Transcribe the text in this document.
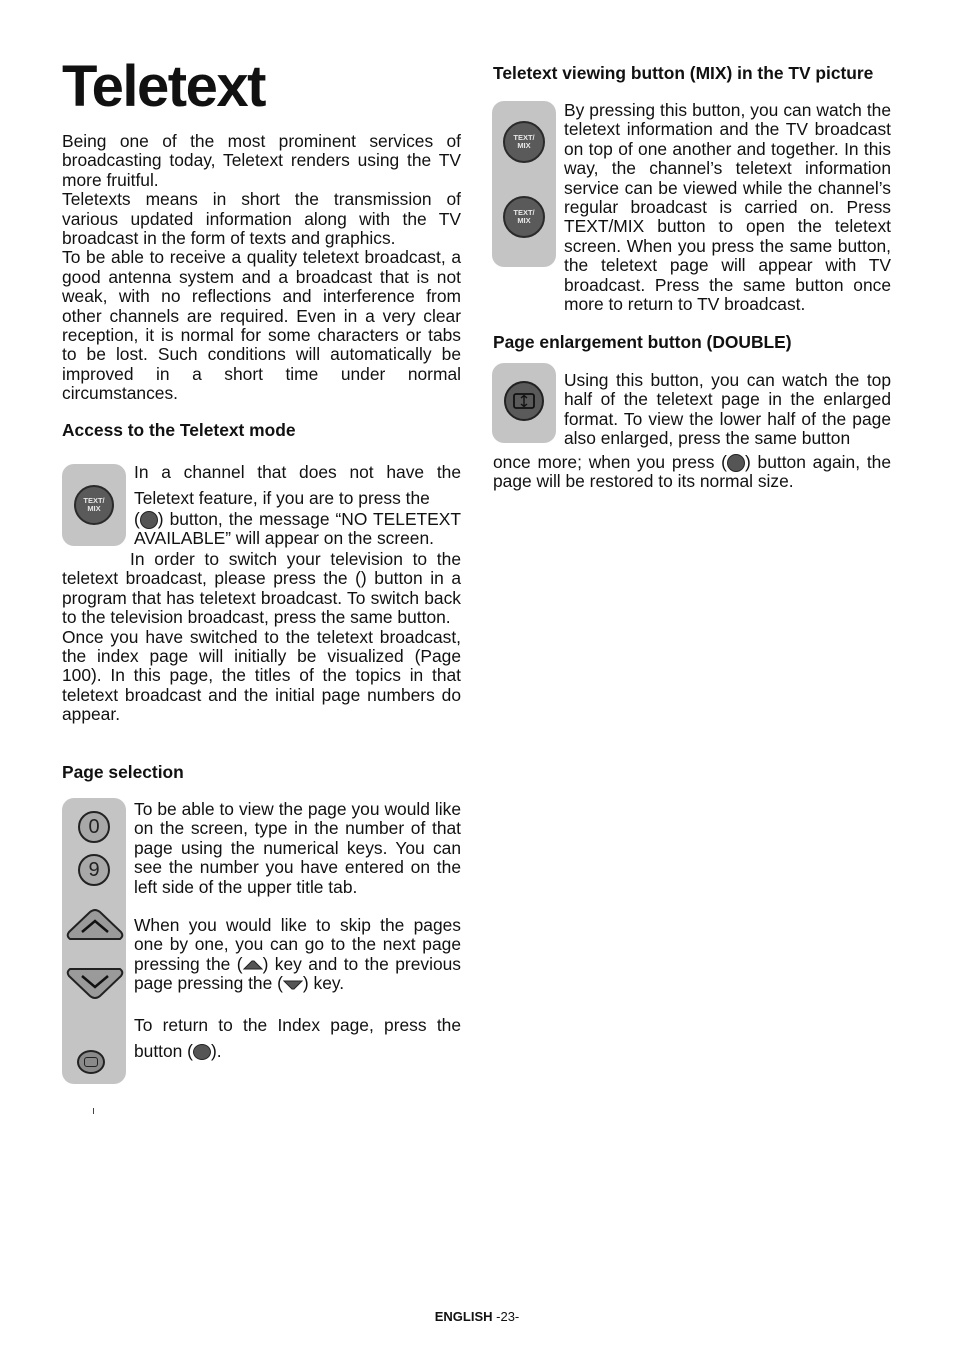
Teletext

Being one of the most prominent services of broadcasting today, Teletext renders using the TV more fruitful.

Teletexts means in short the transmission of various updated information along with the TV broadcast in the form of texts and graphics.

To be able to receive a quality teletext broadcast, a good antenna system and a broadcast that is not weak, with no reflections and interference from other channels are required. Even in a very clear reception, it is normal for some characters or tabs to be lost. Such conditions will automatically be improved in a short time under normal circumstances.

Access to the Teletext mode
TEXT/
MIX

In a channel that does not have the Teletext feature, if you are to press the

( ) button, the message “NO TELETEXT AVAILABLE” will appear on the screen.

In order to switch your television to the teletext broadcast, please press the () button in a program that has teletext broadcast. To switch back to the television broadcast, press the same button.

Once you have switched to the teletext broadcast, the index page will initially be visualized (Page 100). In this page, the titles of the topics in that teletext broadcast and the initial page numbers do appear.

Page selection
0
9

To be able to view the page you would like on the screen, type in the number of that page using the numerical keys. You can see the number you have entered on the left side of the upper title tab.

When you would like to skip the pages one by one, you can go to the next page pressing the ( ) key and to the previous page pressing the ( ) key.

To return to the Index page, press the button ( ).

Teletext viewing button (MIX) in the TV picture
TEXT/
MIX
TEXT/
MIX

By pressing this button, you can watch the teletext information and the TV broadcast on top of one another and together. In this way, the channel’s teletext information service can be viewed while the channel’s regular broadcast is carried on. Press TEXT/MIX button to open the teletext screen. When you press the same button, the teletext page will appear with TV broadcast. Press the same button once more to return to TV broadcast.

Page enlargement button (DOUBLE)

Using this button, you can watch the top half of the teletext page in the enlarged format. To view the lower half of the page also enlarged, press the same button

once more; when you press ( ) button again, the page will be restored to its normal size.

ENGLISH -23-
